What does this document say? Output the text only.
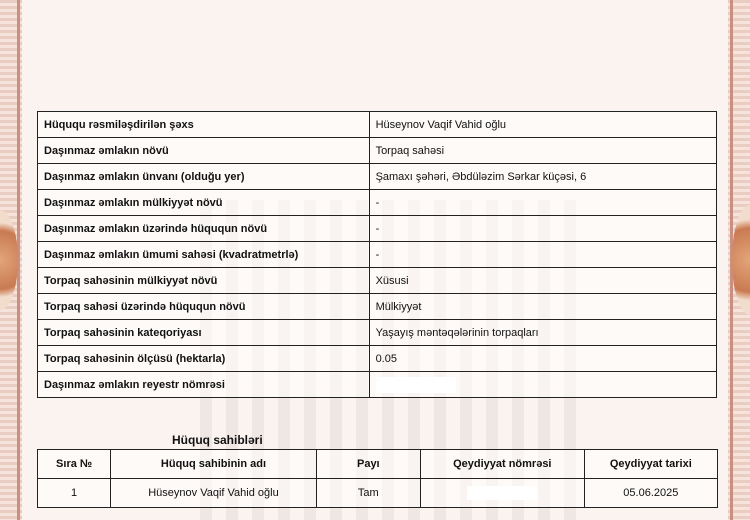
Hüququ rəsmiləşdirilən şəxs	Hüseynov Vaqif Vahid oğlu
Daşınmaz əmlakın növü	Torpaq sahəsi
Daşınmaz əmlakın ünvanı (olduğu yer)	Şamaxı şəhəri, Əbdüləzim Sərkar küçəsi, 6
Daşınmaz əmlakın mülkiyyət növü	-
Daşınmaz əmlakın üzərində hüququn növü	-
Daşınmaz əmlakın ümumi sahəsi (kvadratmetrlə)	-
Torpaq sahəsinin mülkiyyət növü	Xüsusi
Torpaq sahəsi üzərində hüququn növü	Mülkiyyət
Torpaq sahəsinin kateqoriyası	Yaşayış məntəqələrinin torpaqları
Torpaq sahəsinin ölçüsü (hektarla)	0.05
Daşınmaz əmlakın reyestr nömrəsi	
Hüquq sahibləri
Sıra №	Hüquq sahibinin adı	Payı	Qeydiyyat nömrəsi	Qeydiyyat tarixi
1	Hüseynov Vaqif Vahid oğlu	Tam		05.06.2025
